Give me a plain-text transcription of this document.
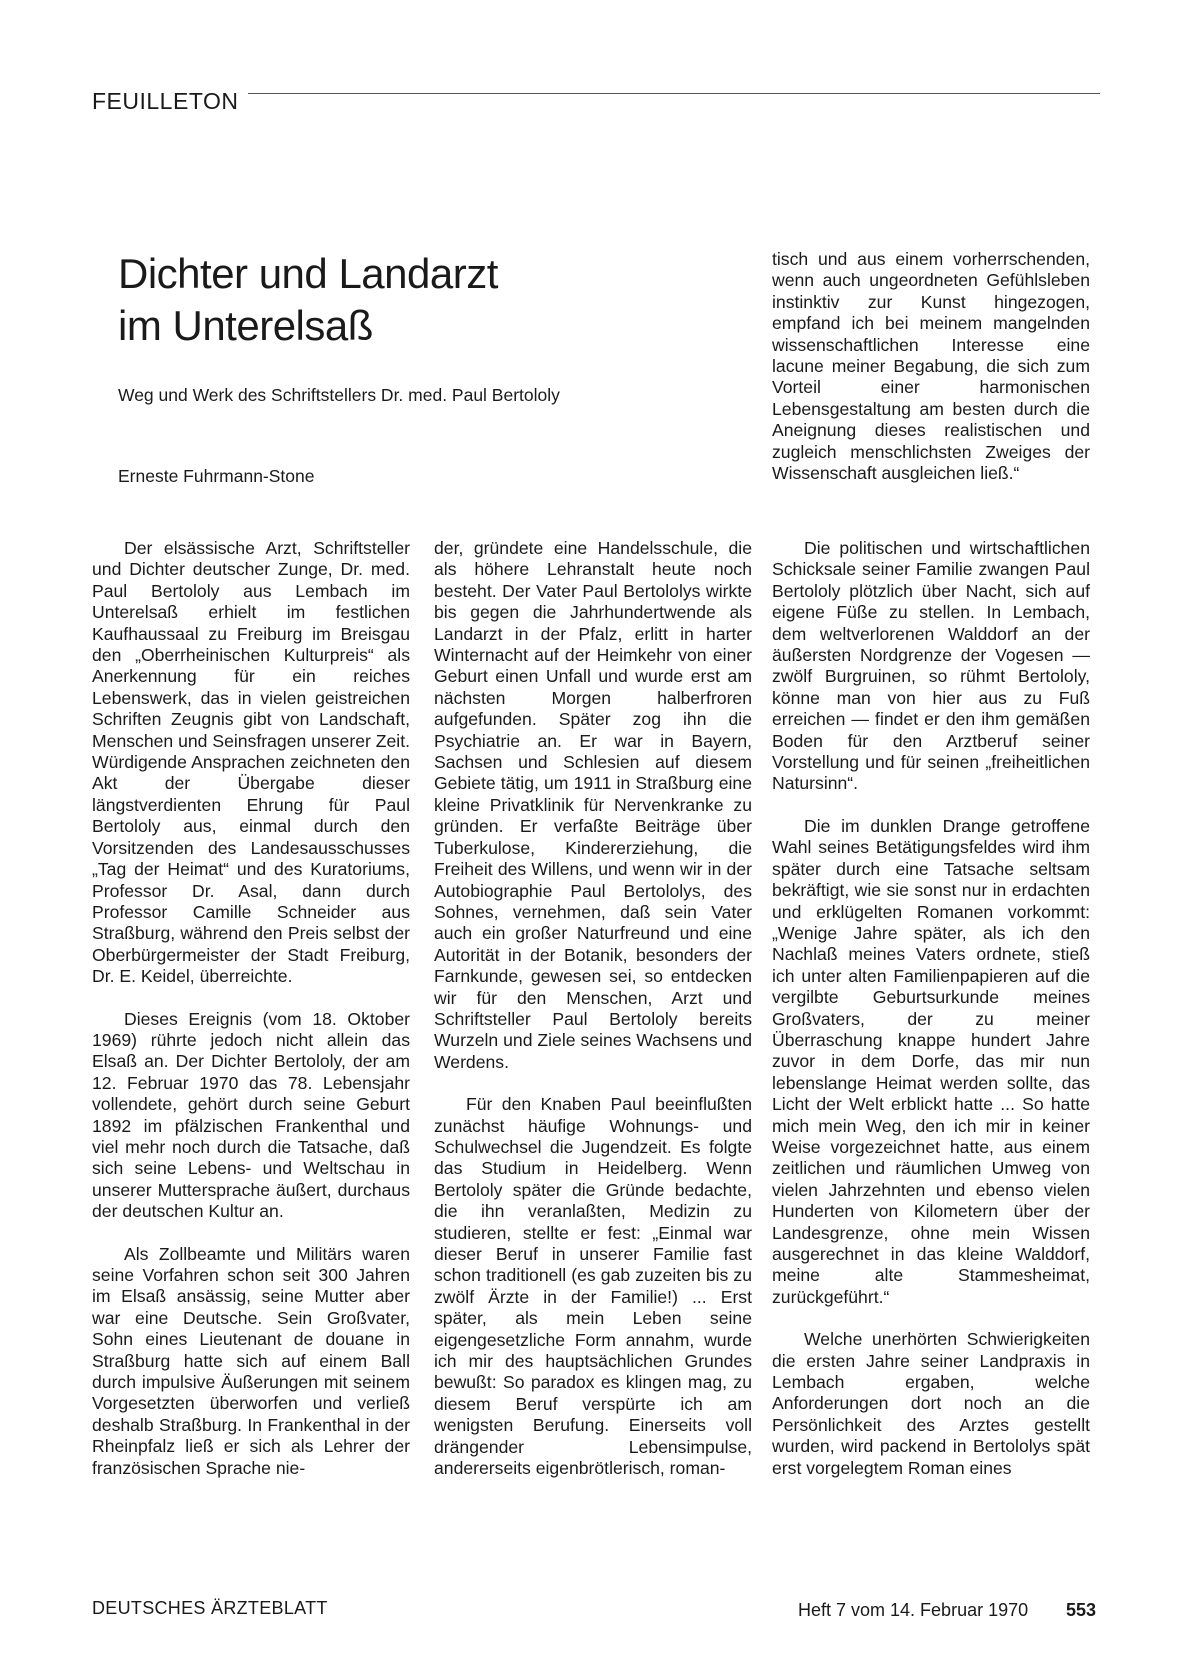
FEUILLETON
Dichter und Landarzt
im Unterelsaß
Weg und Werk des Schriftstellers Dr. med. Paul Bertololy
Erneste Fuhrmann-Stone

tisch und aus einem vorherrschenden, wenn auch ungeordneten Gefühlsleben instinktiv zur Kunst hingezogen, empfand ich bei meinem mangelnden wissenschaftlichen Interesse eine lacune meiner Begabung, die sich zum Vorteil einer harmonischen Lebensgestaltung am besten durch die Aneignung dieses realistischen und zugleich menschlichsten Zweiges der Wissenschaft ausgleichen ließ.“

Der elsässische Arzt, Schriftsteller und Dichter deutscher Zunge, Dr. med. Paul Bertololy aus Lembach im Unterelsaß erhielt im festlichen Kaufhaussaal zu Freiburg im Breisgau den „Oberrheinischen Kulturpreis“ als Anerkennung für ein reiches Lebenswerk, das in vielen geistreichen Schriften Zeugnis gibt von Landschaft, Menschen und Seinsfragen unserer Zeit. Würdigende Ansprachen zeichneten den Akt der Übergabe dieser längstverdienten Ehrung für Paul Bertololy aus, einmal durch den Vorsitzenden des Landesausschusses „Tag der Heimat“ und des Kuratoriums, Professor Dr. Asal, dann durch Professor Camille Schneider aus Straßburg, während den Preis selbst der Oberbürgermeister der Stadt Freiburg, Dr. E. Keidel, überreichte.

Dieses Ereignis (vom 18. Oktober 1969) rührte jedoch nicht allein das Elsaß an. Der Dichter Bertololy, der am 12. Februar 1970 das 78. Lebensjahr vollendete, gehört durch seine Geburt 1892 im pfälzischen Frankenthal und viel mehr noch durch die Tatsache, daß sich seine Lebens- und Weltschau in unserer Muttersprache äußert, durchaus der deutschen Kultur an.

Als Zollbeamte und Militärs waren seine Vorfahren schon seit 300 Jahren im Elsaß ansässig, seine Mutter aber war eine Deutsche. Sein Großvater, Sohn eines Lieutenant de douane in Straßburg hatte sich auf einem Ball durch impulsive Äußerungen mit seinem Vorgesetzten überworfen und verließ deshalb Straßburg. In Frankenthal in der Rheinpfalz ließ er sich als Lehrer der französischen Sprache nie-

der, gründete eine Handelsschule, die als höhere Lehranstalt heute noch besteht. Der Vater Paul Bertololys wirkte bis gegen die Jahrhundertwende als Landarzt in der Pfalz, erlitt in harter Winternacht auf der Heimkehr von einer Geburt einen Unfall und wurde erst am nächsten Morgen halberfroren aufgefunden. Später zog ihn die Psychiatrie an. Er war in Bayern, Sachsen und Schlesien auf diesem Gebiete tätig, um 1911 in Straßburg eine kleine Privatklinik für Nervenkranke zu gründen. Er verfaßte Beiträge über Tuberkulose, Kindererziehung, die Freiheit des Willens, und wenn wir in der Autobiographie Paul Bertololys, des Sohnes, vernehmen, daß sein Vater auch ein großer Naturfreund und eine Autorität in der Botanik, besonders der Farnkunde, gewesen sei, so entdecken wir für den Menschen, Arzt und Schriftsteller Paul Bertololy bereits Wurzeln und Ziele seines Wachsens und Werdens.

Für den Knaben Paul beeinflußten zunächst häufige Wohnungs- und Schulwechsel die Jugendzeit. Es folgte das Studium in Heidelberg. Wenn Bertololy später die Gründe bedachte, die ihn veranlaßten, Medizin zu studieren, stellte er fest: „Einmal war dieser Beruf in unserer Familie fast schon traditionell (es gab zuzeiten bis zu zwölf Ärzte in der Familie!) ... Erst später, als mein Leben seine eigengesetzliche Form annahm, wurde ich mir des hauptsächlichen Grundes bewußt: So paradox es klingen mag, zu diesem Beruf verspürte ich am wenigsten Berufung. Einerseits voll drängender Lebensimpulse, andererseits eigenbrötlerisch, roman-

Die politischen und wirtschaftlichen Schicksale seiner Familie zwangen Paul Bertololy plötzlich über Nacht, sich auf eigene Füße zu stellen. In Lembach, dem weltverlorenen Walddorf an der äußersten Nordgrenze der Vogesen — zwölf Burgruinen, so rühmt Bertololy, könne man von hier aus zu Fuß erreichen — findet er den ihm gemäßen Boden für den Arztberuf seiner Vorstellung und für seinen „freiheitlichen Natursinn“.

Die im dunklen Drange getroffene Wahl seines Betätigungsfeldes wird ihm später durch eine Tatsache seltsam bekräftigt, wie sie sonst nur in erdachten und erklügelten Romanen vorkommt: „Wenige Jahre später, als ich den Nachlaß meines Vaters ordnete, stieß ich unter alten Familienpapieren auf die vergilbte Geburtsurkunde meines Großvaters, der zu meiner Überraschung knappe hundert Jahre zuvor in dem Dorfe, das mir nun lebenslange Heimat werden sollte, das Licht der Welt erblickt hatte ... So hatte mich mein Weg, den ich mir in keiner Weise vorgezeichnet hatte, aus einem zeitlichen und räumlichen Umweg von vielen Jahrzehnten und ebenso vielen Hunderten von Kilometern über der Landesgrenze, ohne mein Wissen ausgerechnet in das kleine Walddorf, meine alte Stammesheimat, zurückgeführt.“

Welche unerhörten Schwierigkeiten die ersten Jahre seiner Landpraxis in Lembach ergaben, welche Anforderungen dort noch an die Persönlichkeit des Arztes gestellt wurden, wird packend in Bertololys spät erst vorgelegtem Roman eines

DEUTSCHES ÄRZTEBLATT	Heft 7 vom 14. Februar 1970 553
